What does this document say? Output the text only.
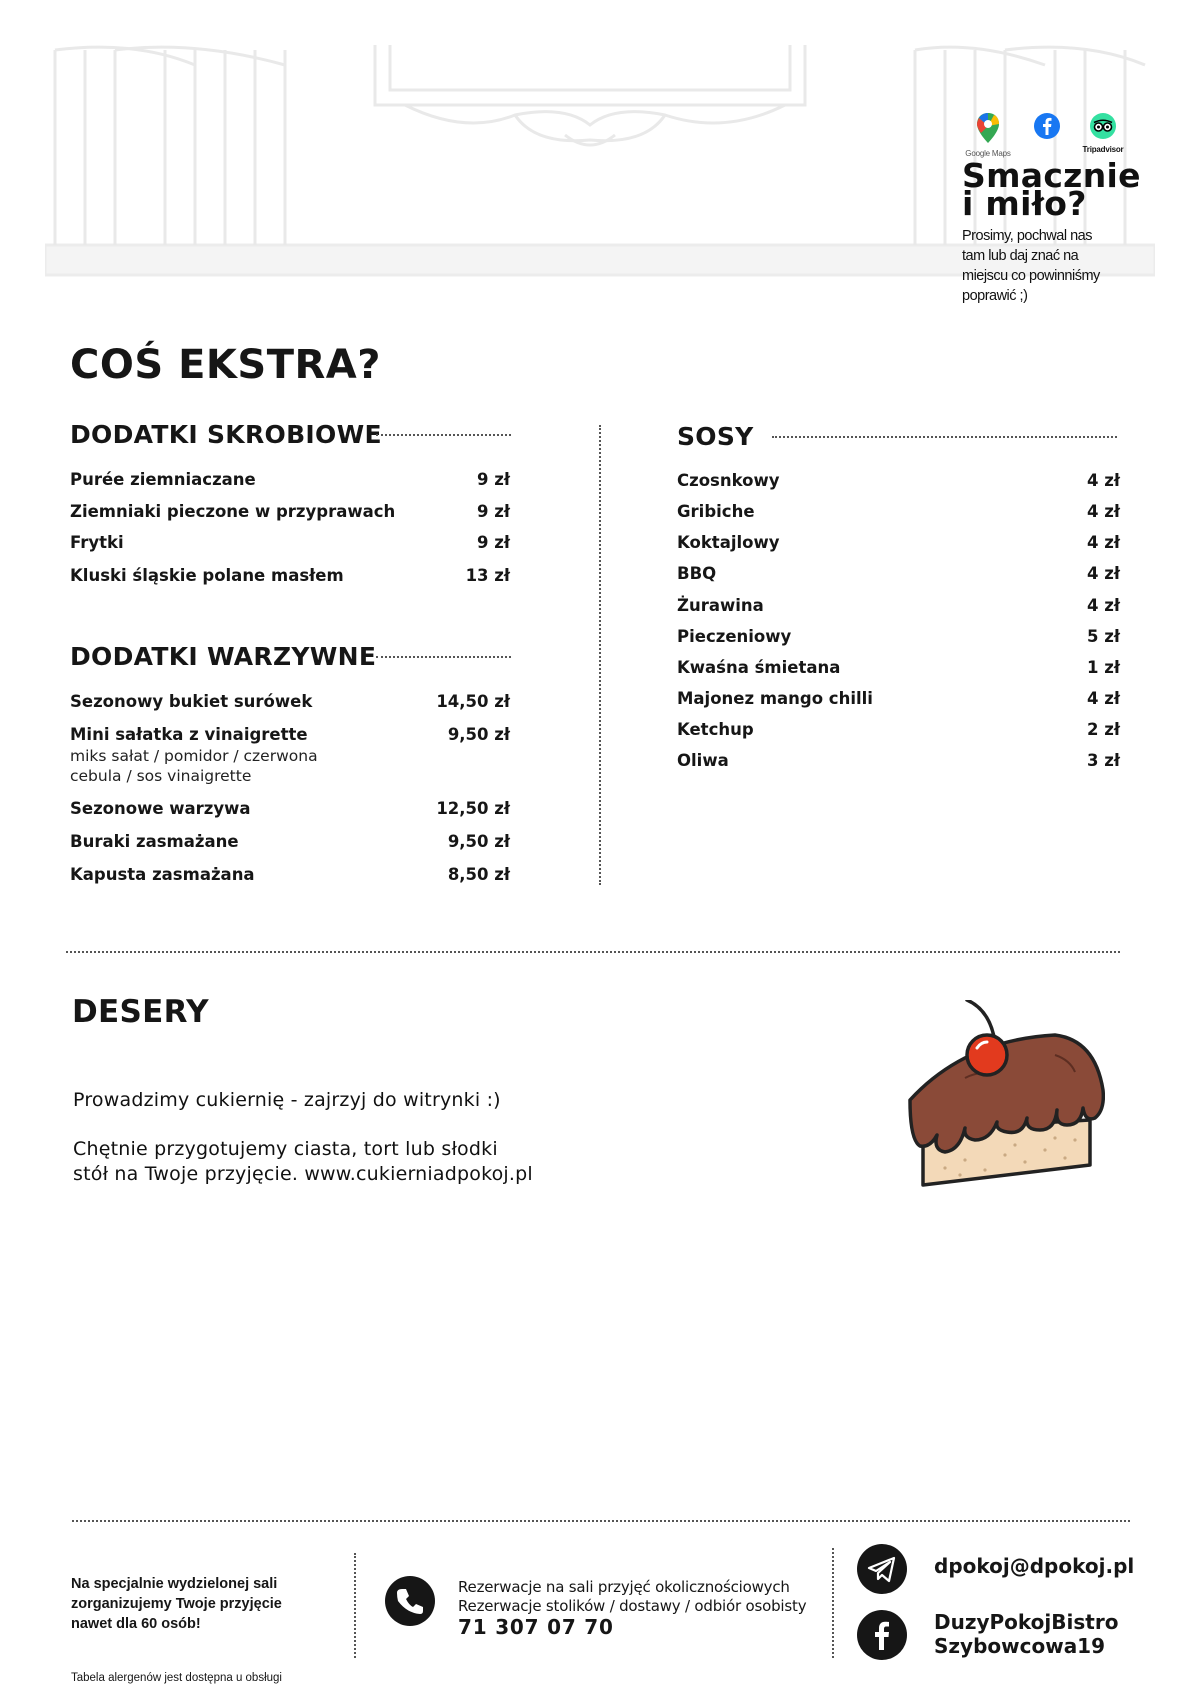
Google Maps	Tripadvisor
Smacznie
i miło?
Prosimy, pochwal nas
tam lub daj znać na
miejscu co powinniśmy
poprawić ;)
COŚ EKSTRA?
DODATKI SKROBIOWE
Purée ziemniaczane	9 zł
Ziemniaki pieczone w przyprawach	9 zł
Frytki	9 zł
Kluski śląskie polane masłem	13 zł
DODATKI WARZYWNE
Sezonowy bukiet surówek	14,50 zł
Mini sałatka z vinaigrette	9,50 zł
miks sałat / pomidor / czerwona
cebula / sos vinaigrette
Sezonowe warzywa	12,50 zł
Buraki zasmażane	9,50 zł
Kapusta zasmażana	8,50 zł
SOSY
Czosnkowy	4 zł
Gribiche	4 zł
Koktajlowy	4 zł
BBQ	4 zł
Żurawina	4 zł
Pieczeniowy	5 zł
Kwaśna śmietana	1 zł
Majonez mango chilli	4 zł
Ketchup	2 zł
Oliwa	3 zł
DESERY
Prowadzimy cukiernię - zajrzyj do witrynki :)
Chętnie przygotujemy ciasta, tort lub słodki
stół na Twoje przyjęcie. www.cukierniadpokoj.pl
Na specjalnie wydzielonej sali
zorganizujemy Twoje przyjęcie
nawet dla 60 osób!
Tabela alergenów jest dostępna u obsługi
Rezerwacje na sali przyjęć okolicznościowych
Rezerwacje stolików / dostawy / odbiór osobisty
71 307 07 70
dpokoj@dpokoj.pl
DuzyPokojBistro
Szybowcowa19
